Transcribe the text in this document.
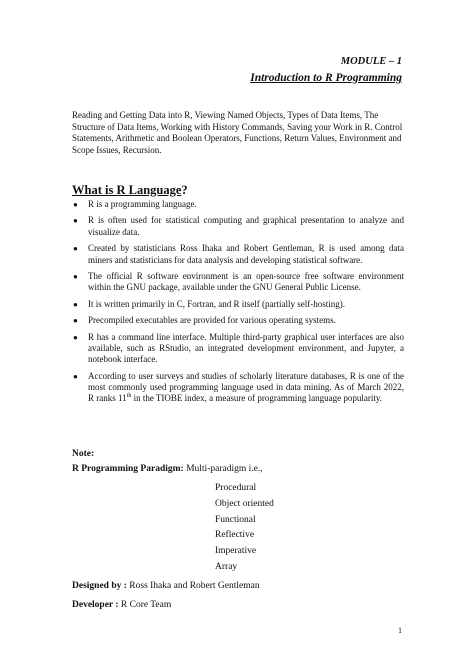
MODULE – 1
Introduction to R Programming
Reading and Getting Data into R, Viewing Named Objects, Types of Data Items, The Structure of Data Items, Working with History Commands, Saving your Work in R. Control Statements, Arithmetic and Boolean Operators, Functions, Return Values, Environment and Scope Issues, Recursion.
What is R Language?
● R is a programming language.
● R is often used for statistical computing and graphical presentation to analyze and visualize data.
● Created by statisticians Ross Ihaka and Robert Gentleman, R is used among data miners and statisticians for data analysis and developing statistical software.
● The official R software environment is an open-source free software environment within the GNU package, available under the GNU General Public License.
● It is written primarily in C, Fortran, and R itself (partially self-hosting).
● Precompiled executables are provided for various operating systems.
● R has a command line interface. Multiple third-party graphical user interfaces are also available, such as RStudio, an integrated development environment, and Jupyter, a notebook interface.
● According to user surveys and studies of scholarly literature databases, R is one of the most commonly used programming language used in data mining. As of March 2022, R ranks 11th in the TIOBE index, a measure of programming language popularity.
Note:
R Programming Paradigm: Multi-paradigm i.e.,
Procedural
Object oriented
Functional
Reflective
Imperative
Array
Designed by : Ross Ihaka and Robert Gentleman
Developer : R Core Team
1
